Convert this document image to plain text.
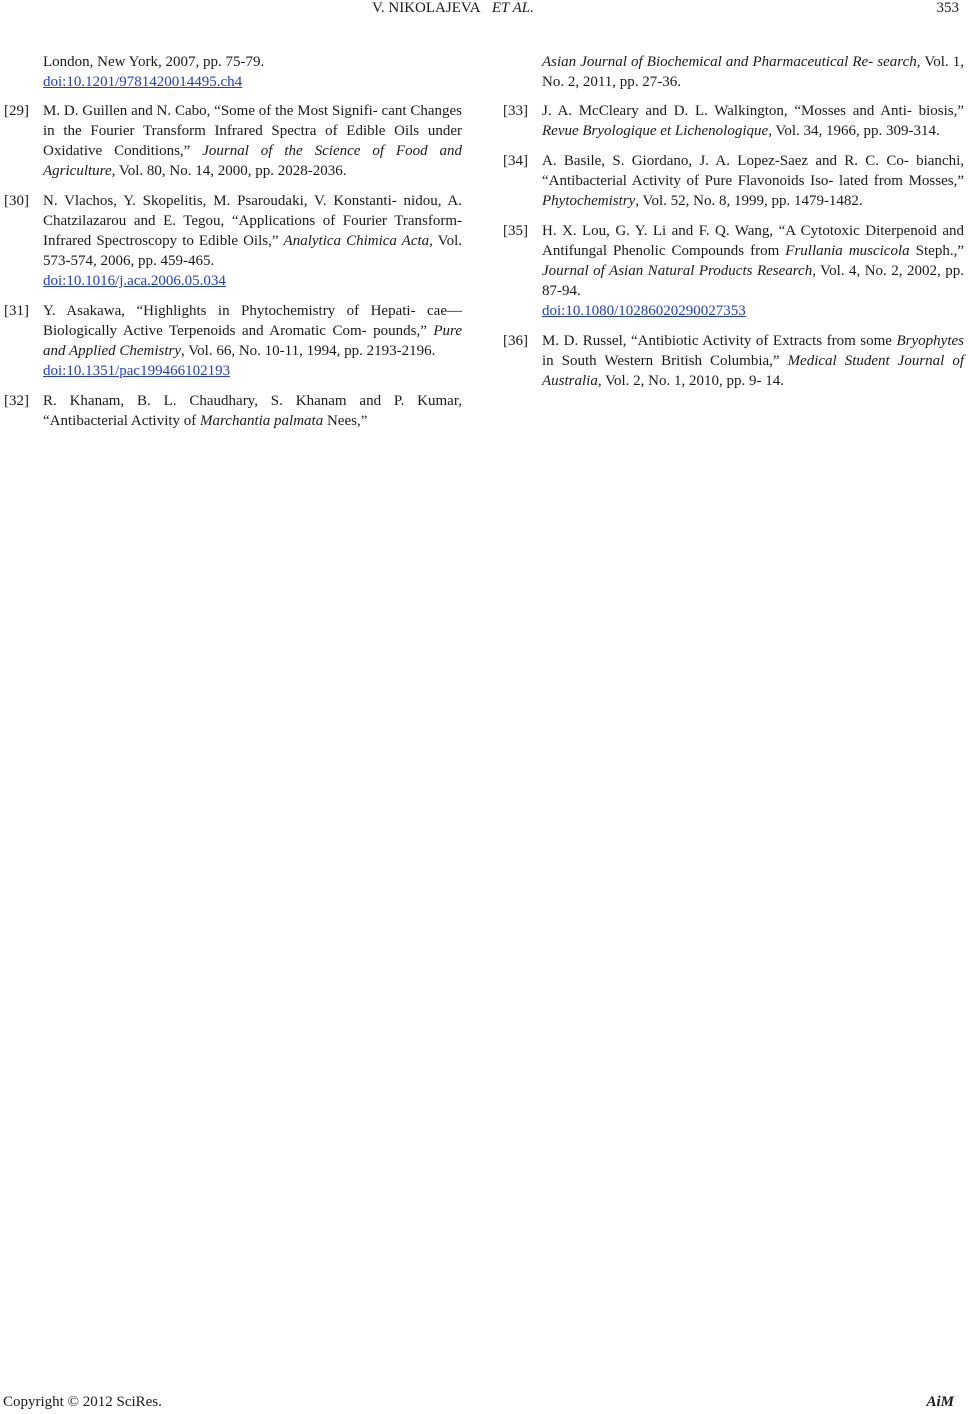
V. NIKOLAJEVA ET AL.	353
London, New York, 2007, pp. 75-79.
doi:10.1201/9781420014495.ch4
[29] M. D. Guillen and N. Cabo, “Some of the Most Signifi- cant Changes in the Fourier Transform Infrared Spectra of Edible Oils under Oxidative Conditions,” Journal of the Science of Food and Agriculture, Vol. 80, No. 14, 2000, pp. 2028-2036.
[30] N. Vlachos, Y. Skopelitis, M. Psaroudaki, V. Konstanti- nidou, A. Chatzilazarou and E. Tegou, “Applications of Fourier Transform-Infrared Spectroscopy to Edible Oils,” Analytica Chimica Acta, Vol. 573-574, 2006, pp. 459-465.
doi:10.1016/j.aca.2006.05.034
[31] Y. Asakawa, “Highlights in Phytochemistry of Hepati- cae—Biologically Active Terpenoids and Aromatic Com- pounds,” Pure and Applied Chemistry, Vol. 66, No. 10-11, 1994, pp. 2193-2196.
doi:10.1351/pac199466102193
[32] R. Khanam, B. L. Chaudhary, S. Khanam and P. Kumar, “Antibacterial Activity of Marchantia palmata Nees,”
Asian Journal of Biochemical and Pharmaceutical Re- search, Vol. 1, No. 2, 2011, pp. 27-36.
[33] J. A. McCleary and D. L. Walkington, “Mosses and Anti- biosis,” Revue Bryologique et Lichenologique, Vol. 34, 1966, pp. 309-314.
[34] A. Basile, S. Giordano, J. A. Lopez-Saez and R. C. Co- bianchi, “Antibacterial Activity of Pure Flavonoids Iso- lated from Mosses,” Phytochemistry, Vol. 52, No. 8, 1999, pp. 1479-1482.
[35] H. X. Lou, G. Y. Li and F. Q. Wang, “A Cytotoxic Diterpenoid and Antifungal Phenolic Compounds from Frullania muscicola Steph.,” Journal of Asian Natural Products Research, Vol. 4, No. 2, 2002, pp. 87-94.
doi:10.1080/10286020290027353
[36] M. D. Russel, “Antibiotic Activity of Extracts from some Bryophytes in South Western British Columbia,” Medical Student Journal of Australia, Vol. 2, No. 1, 2010, pp. 9- 14.
Copyright © 2012 SciRes.	AiM
